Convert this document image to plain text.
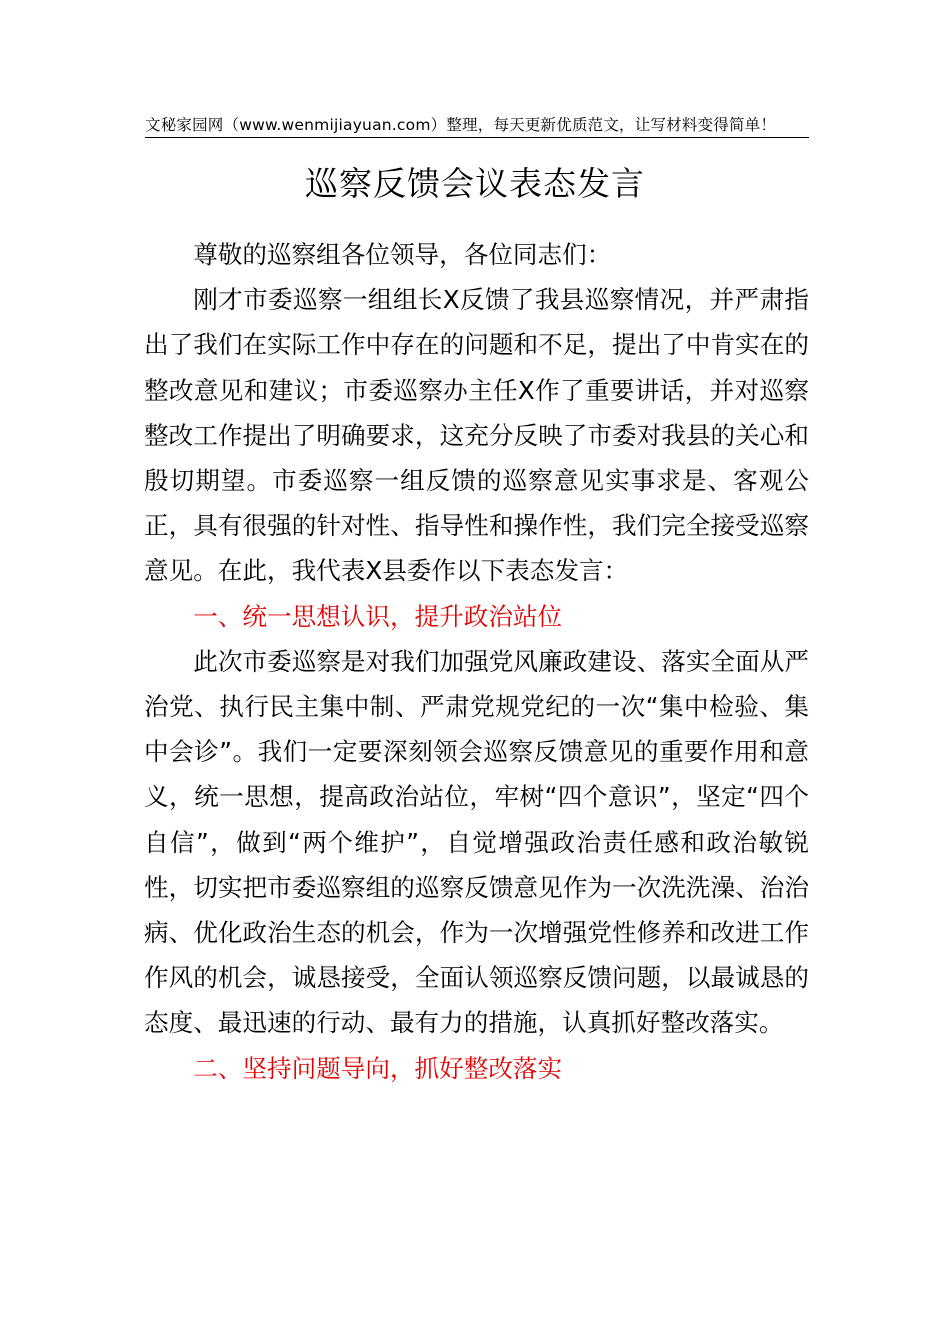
文秘家园网（www.wenmijiayuan.com）整理，每天更新优质范文，让写材料变得简单！
巡察反馈会议表态发言

尊敬的巡察组各位领导，各位同志们：

刚才市委巡察一组组长X反馈了我县巡察情况，并严肃指出了我们在实际工作中存在的问题和不足，提出了中肯实在的整改意见和建议；市委巡察办主任X作了重要讲话，并对巡察整改工作提出了明确要求，这充分反映了市委对我县的关心和殷切期望。市委巡察一组反馈的巡察意见实事求是、客观公正，具有很强的针对性、指导性和操作性，我们完全接受巡察意见。在此，我代表X县委作以下表态发言：

一、统一思想认识，提升政治站位

此次市委巡察是对我们加强党风廉政建设、落实全面从严治党、执行民主集中制、严肃党规党纪的一次“集中检验、集中会诊”。我们一定要深刻领会巡察反馈意见的重要作用和意义，统一思想，提高政治站位，牢树“四个意识”，坚定“四个自信”，做到“两个维护”，自觉增强政治责任感和政治敏锐性，切实把市委巡察组的巡察反馈意见作为一次洗洗澡、治治病、优化政治生态的机会，作为一次增强党性修养和改进工作作风的机会，诚恳接受，全面认领巡察反馈问题，以最诚恳的态度、最迅速的行动、最有力的措施，认真抓好整改落实。

二、坚持问题导向，抓好整改落实
